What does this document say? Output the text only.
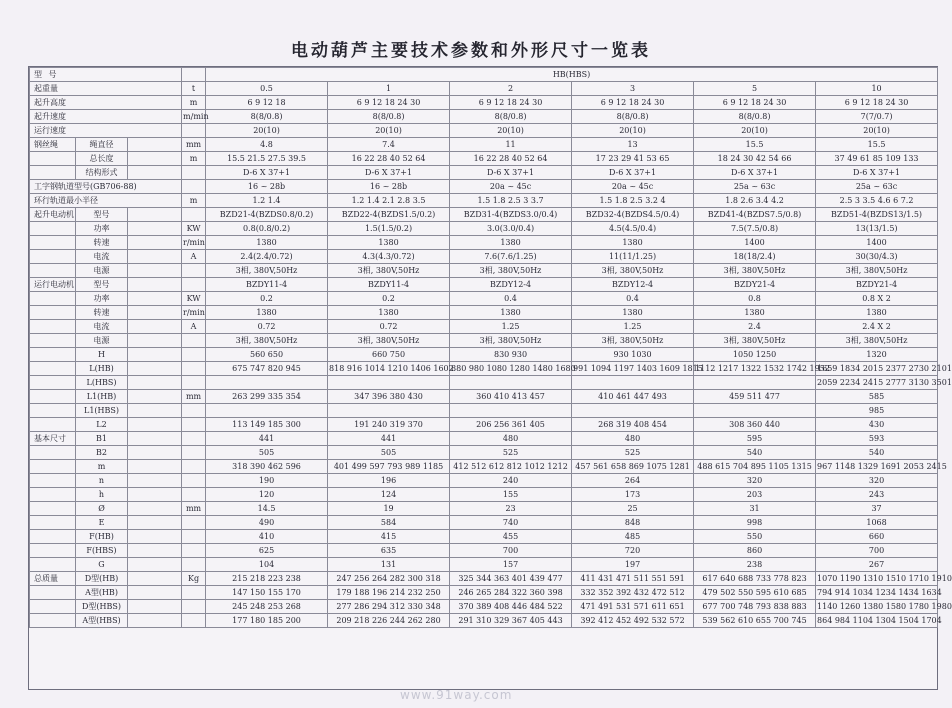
电动葫芦主要技术参数和外形尺寸一览表
型 号				HB(HBS)					
起重量			t	0.5	1	2	3	5	10
起升高度			m	6 9 12 18	6 9 12 18 24 30	6 9 12 18 24 30	6 9 12 18 24 30	6 9 12 18 24 30	6 9 12 18 24 30
起升速度			m/min	8(8/0.8)	8(8/0.8)	8(8/0.8)	8(8/0.8)	8(8/0.8)	7(7/0.7)
运行速度				20(10)	20(10)	20(10)	20(10)	20(10)	20(10)
钢丝绳	绳直径		mm	4.8	7.4	11	13	15.5	15.5
	总长度		m	15.5 21.5 27.5 39.5	16 22 28 40 52 64	16 22 28 40 52 64	17 23 29 41 53 65	18 24 30 42 54 66	37 49 61 85 109 133
	结构形式			D-6 X 37+1	D-6 X 37+1	D-6 X 37+1	D-6 X 37+1	D-6 X 37+1	D-6 X 37+1
工字钢轨道型号(GB706-88)				16 ~ 28b	16 ~ 28b	20a ~ 45c	20a ~ 45c	25a ~ 63c	25a ~ 63c
环行轨道最小半径			m	1.2 1.4	1.2 1.4 2.1 2.8 3.5	1.5 1.8 2.5 3 3.7	1.5 1.8 2.5 3.2 4	1.8 2.6 3.4 4.2	2.5 3 3.5 4.6 6 7.2
起升电动机	型号			BZD21-4(BZDS0.8/0.2)	BZD22-4(BZDS1.5/0.2)	BZD31-4(BZDS3.0/0.4)	BZD32-4(BZDS4.5/0.4)	BZD41-4(BZDS7.5/0.8)	BZD51-4(BZDS13/1.5)
	功率		KW	0.8(0.8/0.2)	1.5(1.5/0.2)	3.0(3.0/0.4)	4.5(4.5/0.4)	7.5(7.5/0.8)	13(13/1.5)
	转速		r/min	1380	1380	1380	1380	1400	1400
	电流		A	2.4(2.4/0.72)	4.3(4.3/0.72)	7.6(7.6/1.25)	11(11/1.25)	18(18/2.4)	30(30/4.3)
	电源			3相, 380V,50Hz	3相, 380V,50Hz	3相, 380V,50Hz	3相, 380V,50Hz	3相, 380V,50Hz	3相, 380V,50Hz
运行电动机	型号			BZDY11-4	BZDY11-4	BZDY12-4	BZDY12-4	BZDY21-4	BZDY21-4
	功率		KW	0.2	0.2	0.4	0.4	0.8	0.8 X 2
	转速		r/min	1380	1380	1380	1380	1380	1380
	电流		A	0.72	0.72	1.25	1.25	2.4	2.4 X 2
	电源			3相, 380V,50Hz	3相, 380V,50Hz	3相, 380V,50Hz	3相, 380V,50Hz	3相, 380V,50Hz	3相, 380V,50Hz
	H			560 650	660 750	830 930	930 1030	1050 1250	1320
	L(HB)			675 747 820 945	818 916 1014 1210 1406 1602	880 980 1080 1280 1480 1680	991 1094 1197 1403 1609 1815	1112 1217 1322 1532 1742 1952	1659 1834 2015 2377 2730 2101
	L(HBS)								2059 2234 2415 2777 3130 3501
	L1(HB)		mm	263 299 335 354	347 396 380 430	360 410 413 457	410 461 447 493	459 511 477	585
	L1(HBS)								985
	L2			113 149 185 300	191 240 319 370	206 256 361 405	268 319 408 454	308 360 440	430
基本尺寸	B1			441	441	480	480	595	593
	B2			505	505	525	525	540	540
	m			318 390 462 596	401 499 597 793 989 1185	412 512 612 812 1012 1212	457 561 658 869 1075 1281	488 615 704 895 1105 1315	967 1148 1329 1691 2053 2415
	n			190	196	240	264	320	320
	h			120	124	155	173	203	243
	Ø		mm	14.5	19	23	25	31	37
	E			490	584	740	848	998	1068
	F(HB)			410	415	455	485	550	660
	F(HBS)			625	635	700	720	860	700
	G			104	131	157	197	238	267
总质量	D型(HB)		Kg	215 218 223 238	247 256 264 282 300 318	325 344 363 401 439 477	411 431 471 511 551 591	617 640 688 733 778 823	1070 1190 1310 1510 1710 1910
	A型(HB)			147 150 155 170	179 188 196 214 232 250	246 265 284 322 360 398	332 352 392 432 472 512	479 502 550 595 610 685	794 914 1034 1234 1434 1634
	D型(HBS)			245 248 253 268	277 286 294 312 330 348	370 389 408 446 484 522	471 491 531 571 611 651	677 700 748 793 838 883	1140 1260 1380 1580 1780 1980
	A型(HBS)			177 180 185 200	209 218 226 244 262 280	291 310 329 367 405 443	392 412 452 492 532 572	539 562 610 655 700 745	864 984 1104 1304 1504 1704
www.91way.com
